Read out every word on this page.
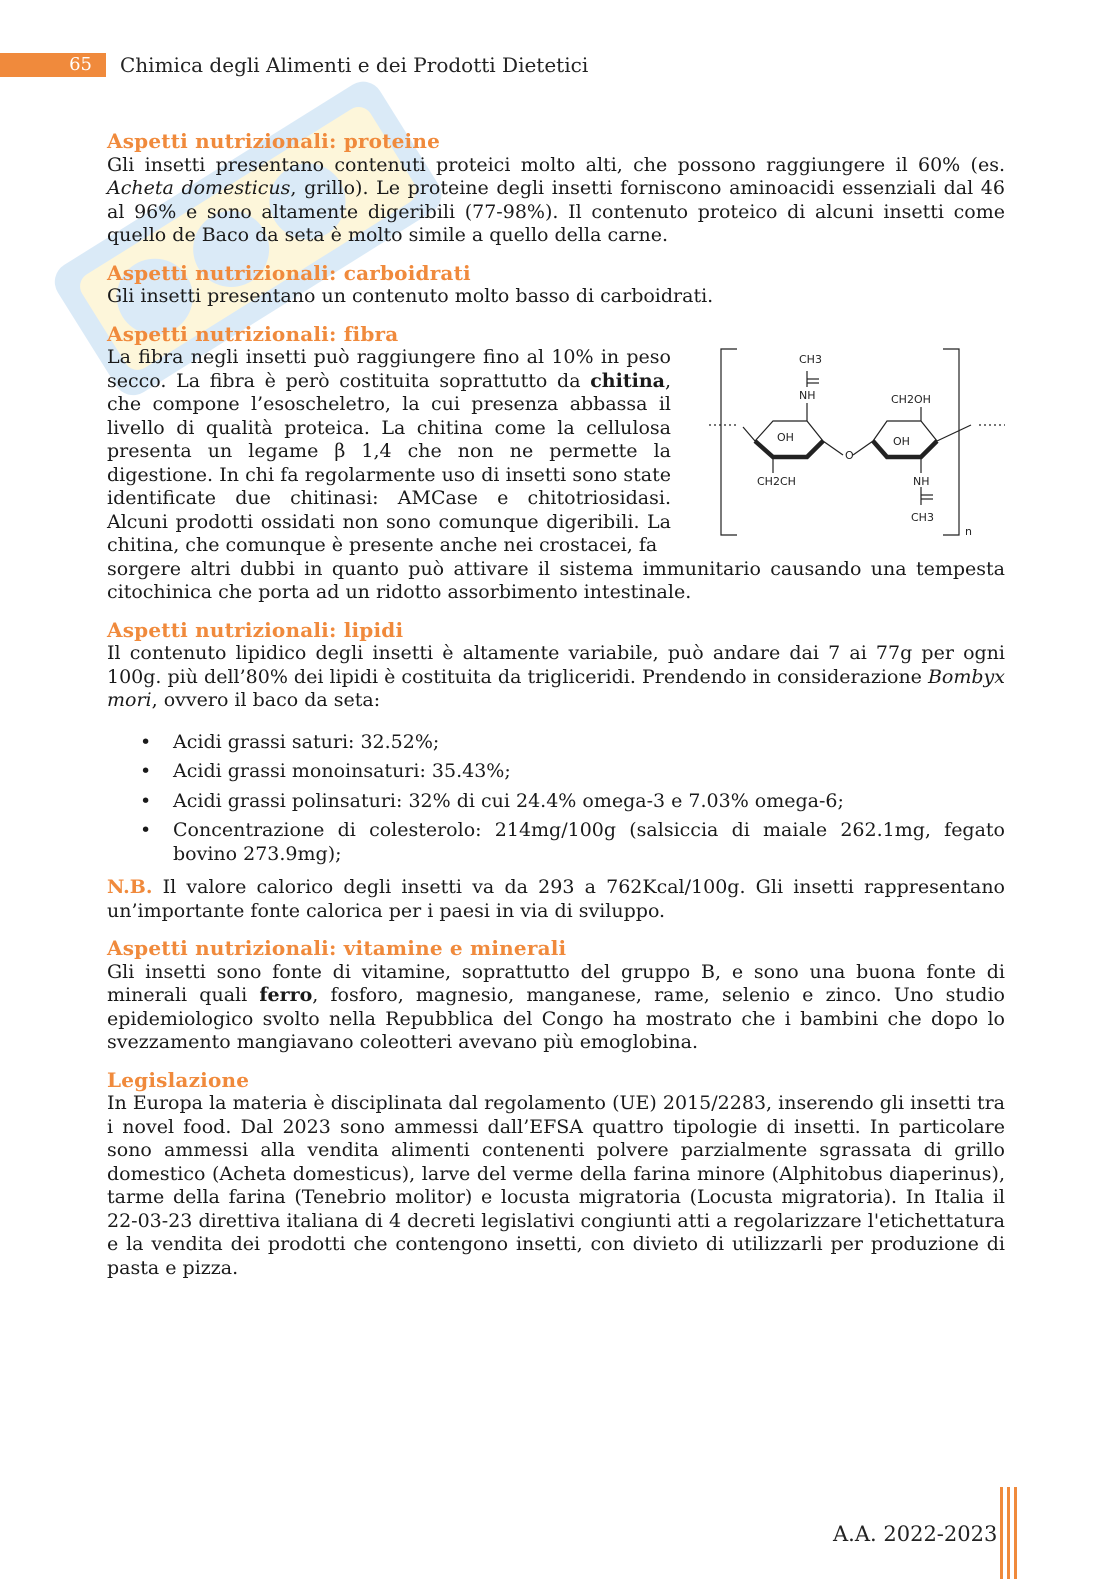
65	Chimica degli Alimenti e dei Prodotti Dietetici
Aspetti nutrizionali: proteine

Gli insetti presentano contenuti proteici molto alti, che possono raggiungere il 60% (es. Acheta domesticus, grillo). Le proteine degli insetti forniscono aminoacidi essenziali dal 46 al 96% e sono altamente digeribili (77-98%). Il contenuto proteico di alcuni insetti come quello de Baco da seta è molto simile a quello della carne.

Aspetti nutrizionali: carboidrati

Gli insetti presentano un contenuto molto basso di carboidrati.

Aspetti nutrizionali: fibra

La fibra negli insetti può raggiungere fino al 10% in peso secco. La fibra è però costituita soprattutto da chitina, che compone l’esoscheletro, la cui presenza abbassa il livello di qualità proteica. La chitina come la cellulosa presenta un legame β 1,4 che non ne permette la digestione. In chi fa regolarmente uso di insetti sono state identificate due chitinasi: AMCase e chitotriosidasi. Alcuni prodotti ossidati non sono comunque digeribili. La chitina, che comunque è presente anche nei crostacei, fa

sorgere altri dubbi in quanto può attivare il sistema immunitario causando una tempesta citochinica che porta ad un ridotto assorbimento intestinale.

CH3
NH	CH2OH
OH	OH
O
CH2CH	NH
CH3
n
Aspetti nutrizionali: lipidi

Il contenuto lipidico degli insetti è altamente variabile, può andare dai 7 ai 77g per ogni 100g. più dell’80% dei lipidi è costituita da trigliceridi. Prendendo in considerazione Bombyx mori, ovvero il baco da seta:

• Acidi grassi saturi: 32.52%;
• Acidi grassi monoinsaturi: 35.43%;
• Acidi grassi polinsaturi: 32% di cui 24.4% omega-3 e 7.03% omega-6;
• Concentrazione di colesterolo: 214mg/100g (salsiccia di maiale 262.1mg, fegato bovino 273.9mg);

N.B. Il valore calorico degli insetti va da 293 a 762Kcal/100g. Gli insetti rappresentano un’importante fonte calorica per i paesi in via di sviluppo.

Aspetti nutrizionali: vitamine e minerali

Gli insetti sono fonte di vitamine, soprattutto del gruppo B, e sono una buona fonte di minerali quali ferro, fosforo, magnesio, manganese, rame, selenio e zinco. Uno studio epidemiologico svolto nella Repubblica del Congo ha mostrato che i bambini che dopo lo svezzamento mangiavano coleotteri avevano più emoglobina.

Legislazione

In Europa la materia è disciplinata dal regolamento (UE) 2015/2283, inserendo gli insetti tra i novel food. Dal 2023 sono ammessi dall’EFSA quattro tipologie di insetti. In particolare sono ammessi alla vendita alimenti contenenti polvere parzialmente sgrassata di grillo domestico (Acheta domesticus), larve del verme della farina minore (Alphitobus diaperinus), tarme della farina (Tenebrio molitor) e locusta migratoria (Locusta migratoria). In Italia il 22-03-23 direttiva italiana di 4 decreti legislativi congiunti atti a regolarizzare l'etichettatura e la vendita dei prodotti che contengono insetti, con divieto di utilizzarli per produzione di pasta e pizza.

A.A. 2022-2023
